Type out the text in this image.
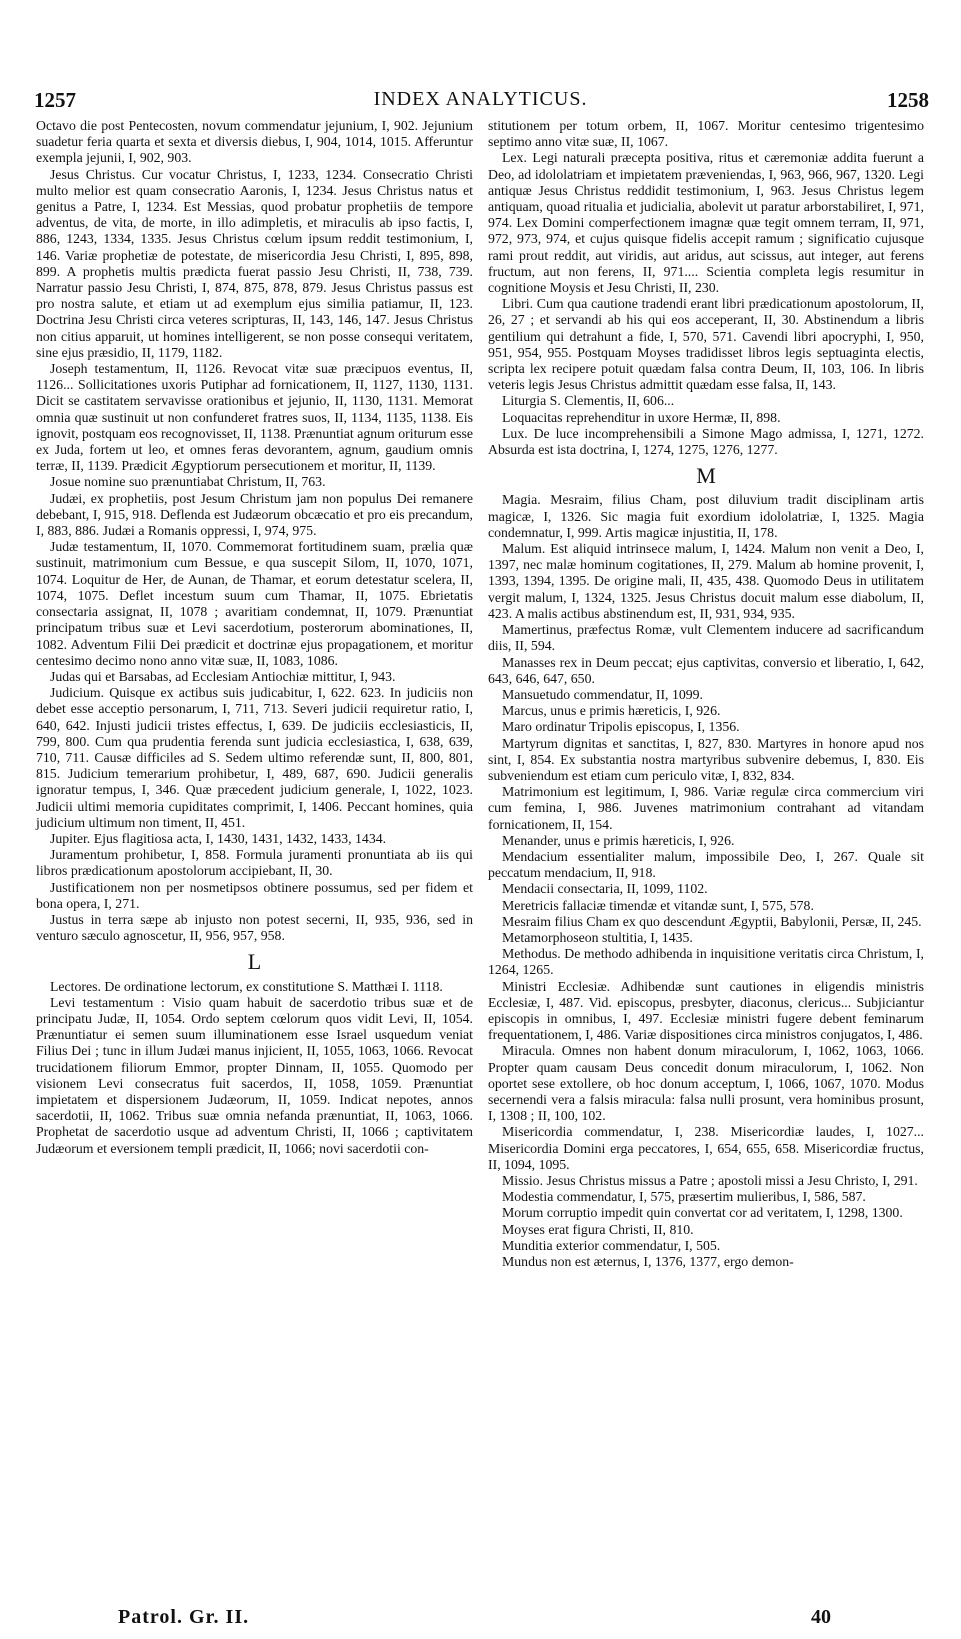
1257	INDEX ANALYTICUS.	1258

Octavo die post Pentecosten, novum commendatur jejunium, I, 902. Jejunium suadetur feria quarta et sexta et diversis diebus, I, 904, 1014, 1015. Afferuntur exempla jejunii, I, 902, 903.

Jesus Christus. Cur vocatur Christus, I, 1233, 1234. Consecratio Christi multo melior est quam consecratio Aaronis, I, 1234. Jesus Christus natus et genitus a Patre, I, 1234. Est Messias, quod probatur prophetiis de tempore adventus, de vita, de morte, in illo adimpletis, et miraculis ab ipso factis, I, 886, 1243, 1334, 1335. Jesus Christus cœlum ipsum reddit testimonium, I, 146. Variæ prophetiæ de potestate, de misericordia Jesu Christi, I, 895, 898, 899. A prophetis multis prædicta fuerat passio Jesu Christi, II, 738, 739. Narratur passio Jesu Christi, I, 874, 875, 878, 879. Jesus Christus passus est pro nostra salute, et etiam ut ad exemplum ejus similia patiamur, II, 123. Doctrina Jesu Christi circa veteres scripturas, II, 143, 146, 147. Jesus Christus non citius apparuit, ut homines intelligerent, se non posse consequi veritatem, sine ejus præsidio, II, 1179, 1182.

Joseph testamentum, II, 1126. Revocat vitæ suæ præcipuos eventus, II, 1126... Sollicitationes uxoris Putiphar ad fornicationem, II, 1127, 1130, 1131. Dicit se castitatem servavisse orationibus et jejunio, II, 1130, 1131. Memorat omnia quæ sustinuit ut non confunderet fratres suos, II, 1134, 1135, 1138. Eis ignovit, postquam eos recognovisset, II, 1138. Prænuntiat agnum oriturum esse ex Juda, fortem ut leo, et omnes feras devorantem, agnum, gaudium omnis terræ, II, 1139. Prædicit Ægyptiorum persecutionem et moritur, II, 1139.

Josue nomine suo prænuntiabat Christum, II, 763.

Judæi, ex prophetiis, post Jesum Christum jam non populus Dei remanere debebant, I, 915, 918. Deflenda est Judæorum obcæcatio et pro eis precandum, I, 883, 886. Judæi a Romanis oppressi, I, 974, 975.

Judæ testamentum, II, 1070. Commemorat fortitudinem suam, prælia quæ sustinuit, matrimonium cum Bessue, e qua suscepit Silom, II, 1070, 1071, 1074. Loquitur de Her, de Aunan, de Thamar, et eorum detestatur scelera, II, 1074, 1075. Deflet incestum suum cum Thamar, II, 1075. Ebrietatis consectaria assignat, II, 1078 ; avaritiam condemnat, II, 1079. Prænuntiat principatum tribus suæ et Levi sacerdotium, posterorum abominationes, II, 1082. Adventum Filii Dei prædicit et doctrinæ ejus propagationem, et moritur centesimo decimo nono anno vitæ suæ, II, 1083, 1086.

Judas qui et Barsabas, ad Ecclesiam Antiochiæ mittitur, I, 943.

Judicium. Quisque ex actibus suis judicabitur, I, 622. 623. In judiciis non debet esse acceptio personarum, I, 711, 713. Severi judicii requiretur ratio, I, 640, 642. Injusti judicii tristes effectus, I, 639. De judiciis ecclesiasticis, II, 799, 800. Cum qua prudentia ferenda sunt judicia ecclesiastica, I, 638, 639, 710, 711. Causæ difficiles ad S. Sedem ultimo referendæ sunt, II, 800, 801, 815. Judicium temerarium prohibetur, I, 489, 687, 690. Judicii generalis ignoratur tempus, I, 346. Quæ præcedent judicium generale, I, 1022, 1023. Judicii ultimi memoria cupiditates comprimit, I, 1406. Peccant homines, quia judicium ultimum non timent, II, 451.

Jupiter. Ejus flagitiosa acta, I, 1430, 1431, 1432, 1433, 1434.

Juramentum prohibetur, I, 858. Formula juramenti pronuntiata ab iis qui libros prædicationum apostolorum accipiebant, II, 30.

Justificationem non per nosmetipsos obtinere possumus, sed per fidem et bona opera, I, 271.

Justus in terra sæpe ab injusto non potest secerni, II, 935, 936, sed in venturo sæculo agnoscetur, II, 956, 957, 958.

L

Lectores. De ordinatione lectorum, ex constitutione S. Matthæi I. 1118.

Levi testamentum : Visio quam habuit de sacerdotio tribus suæ et de principatu Judæ, II, 1054. Ordo septem cœlorum quos vidit Levi, II, 1054. Prænuntiatur ei semen suum illuminationem esse Israel usquedum veniat Filius Dei ; tunc in illum Judæi manus injicient, II, 1055, 1063, 1066. Revocat trucidationem filiorum Emmor, propter Dinnam, II, 1055. Quomodo per visionem Levi consecratus fuit sacerdos, II, 1058, 1059. Prænuntiat impietatem et dispersionem Judæorum, II, 1059. Indicat nepotes, annos sacerdotii, II, 1062. Tribus suæ omnia nefanda prænuntiat, II, 1063, 1066. Prophetat de sacerdotio usque ad adventum Christi, II, 1066 ; captivitatem Judæorum et eversionem templi prædicit, II, 1066; novi sacerdotii con-

stitutionem per totum orbem, II, 1067. Moritur centesimo trigentesimo septimo anno vitæ suæ, II, 1067.

Lex. Legi naturali præcepta positiva, ritus et cæremoniæ addita fuerunt a Deo, ad idololatriam et impietatem præveniendas, I, 963, 966, 967, 1320. Legi antiquæ Jesus Christus reddidit testimonium, I, 963. Jesus Christus legem antiquam, quoad ritualia et judicialia, abolevit ut paratur arborstabiliret, I, 971, 974. Lex Domini comperfectionem imagnæ quæ tegit omnem terram, II, 971, 972, 973, 974, et cujus quisque fidelis accepit ramum ; significatio cujusque rami prout reddit, aut viridis, aut aridus, aut scissus, aut integer, aut ferens fructum, aut non ferens, II, 971.... Scientia completa legis resumitur in cognitione Moysis et Jesu Christi, II, 230.

Libri. Cum qua cautione tradendi erant libri prædicationum apostolorum, II, 26, 27 ; et servandi ab his qui eos acceperant, II, 30. Abstinendum a libris gentilium qui detrahunt a fide, I, 570, 571. Cavendi libri apocryphi, I, 950, 951, 954, 955. Postquam Moyses tradidisset libros legis septuaginta electis, scripta lex recipere potuit quædam falsa contra Deum, II, 103, 106. In libris veteris legis Jesus Christus admittit quædam esse falsa, II, 143.

Liturgia S. Clementis, II, 606...

Loquacitas reprehenditur in uxore Hermæ, II, 898.

Lux. De luce incomprehensibili a Simone Mago admissa, I, 1271, 1272. Absurda est ista doctrina, I, 1274, 1275, 1276, 1277.

M

Magia. Mesraim, filius Cham, post diluvium tradit disciplinam artis magicæ, I, 1326. Sic magia fuit exordium idololatriæ, I, 1325. Magia condemnatur, I, 999. Artis magicæ injustitia, II, 178.

Malum. Est aliquid intrinsece malum, I, 1424. Malum non venit a Deo, I, 1397, nec malæ hominum cogitationes, II, 279. Malum ab homine provenit, I, 1393, 1394, 1395. De origine mali, II, 435, 438. Quomodo Deus in utilitatem vergit malum, I, 1324, 1325. Jesus Christus docuit malum esse diabolum, II, 423. A malis actibus abstinendum est, II, 931, 934, 935.

Mamertinus, præfectus Romæ, vult Clementem inducere ad sacrificandum diis, II, 594.

Manasses rex in Deum peccat; ejus captivitas, conversio et liberatio, I, 642, 643, 646, 647, 650.

Mansuetudo commendatur, II, 1099.

Marcus, unus e primis hæreticis, I, 926.

Maro ordinatur Tripolis episcopus, I, 1356.

Martyrum dignitas et sanctitas, I, 827, 830. Martyres in honore apud nos sint, I, 854. Ex substantia nostra martyribus subvenire debemus, I, 830. Eis subveniendum est etiam cum periculo vitæ, I, 832, 834.

Matrimonium est legitimum, I, 986. Variæ regulæ circa commercium viri cum femina, I, 986. Juvenes matrimonium contrahant ad vitandam fornicationem, II, 154.

Menander, unus e primis hæreticis, I, 926.

Mendacium essentialiter malum, impossibile Deo, I, 267. Quale sit peccatum mendacium, II, 918.

Mendacii consectaria, II, 1099, 1102.

Meretricis fallaciæ timendæ et vitandæ sunt, I, 575, 578.

Mesraim filius Cham ex quo descendunt Ægyptii, Babylonii, Persæ, II, 245.

Metamorphoseon stultitia, I, 1435.

Methodus. De methodo adhibenda in inquisitione veritatis circa Christum, I, 1264, 1265.

Ministri Ecclesiæ. Adhibendæ sunt cautiones in eligendis ministris Ecclesiæ, I, 487. Vid. episcopus, presbyter, diaconus, clericus... Subjiciantur episcopis in omnibus, I, 497. Ecclesiæ ministri fugere debent feminarum frequentationem, I, 486. Variæ dispositiones circa ministros conjugatos, I, 486.

Miracula. Omnes non habent donum miraculorum, I, 1062, 1063, 1066. Propter quam causam Deus concedit donum miraculorum, I, 1062. Non oportet sese extollere, ob hoc donum acceptum, I, 1066, 1067, 1070. Modus secernendi vera a falsis miracula: falsa nulli prosunt, vera hominibus prosunt, I, 1308 ; II, 100, 102.

Misericordia commendatur, I, 238. Misericordiæ laudes, I, 1027... Misericordia Domini erga peccatores, I, 654, 655, 658. Misericordiæ fructus, II, 1094, 1095.

Missio. Jesus Christus missus a Patre ; apostoli missi a Jesu Christo, I, 291.

Modestia commendatur, I, 575, præsertim mulieribus, I, 586, 587.

Morum corruptio impedit quin convertat cor ad veritatem, I, 1298, 1300.

Moyses erat figura Christi, II, 810.

Munditia exterior commendatur, I, 505.

Mundus non est æternus, I, 1376, 1377, ergo demon-

Patrol. Gr. II.	40
